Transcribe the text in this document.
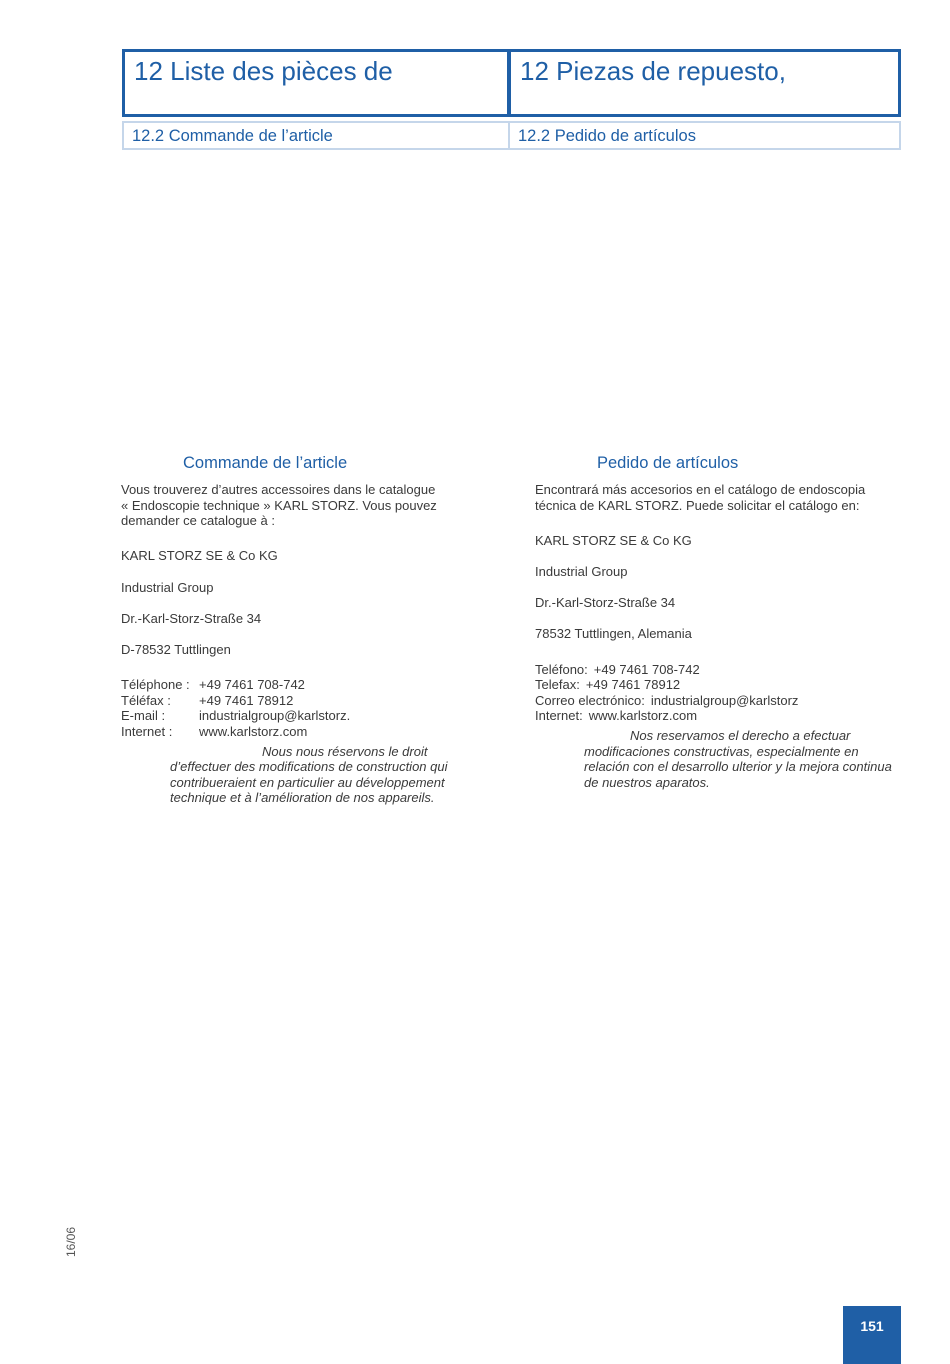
12 Liste des pièces de	12 Piezas de repuesto,
12.2 Commande de l’article	12.2 Pedido de artículos
Commande de l’article
Vous trouverez d’autres accessoires dans le catalogue
« Endoscopie technique » KARL STORZ. Vous pouvez
demander ce catalogue à :

KARL STORZ SE & Co KG

Industrial Group

Dr.-Karl-Storz-Straße 34

D-78532 Tuttlingen

Téléphone : +49 7461 708-742
Téléfax :	+49 7461 78912
E-mail :	industrialgroup@karlstorz.
Internet :	www.karlstorz.com
Nous nous réservons le droit
d’effectuer des modifications de construction qui
contribueraient en particulier au développement
technique et à l’amélioration de nos appareils.
Pedido de artículos
Encontrará más accesorios en el catálogo de endoscopia
técnica de KARL STORZ. Puede solicitar el catálogo en:

KARL STORZ SE & Co KG

Industrial Group

Dr.-Karl-Storz-Straße 34

78532 Tuttlingen, Alemania

Teléfono: +49 7461 708-742
Telefax: +49 7461 78912
Correo electrónico: industrialgroup@karlstorz
Internet: www.karlstorz.com
Nos reservamos el derecho a efectuar
modificaciones constructivas, especialmente en
relación con el desarrollo ulterior y la mejora continua
de nuestros aparatos.
16/06
151
